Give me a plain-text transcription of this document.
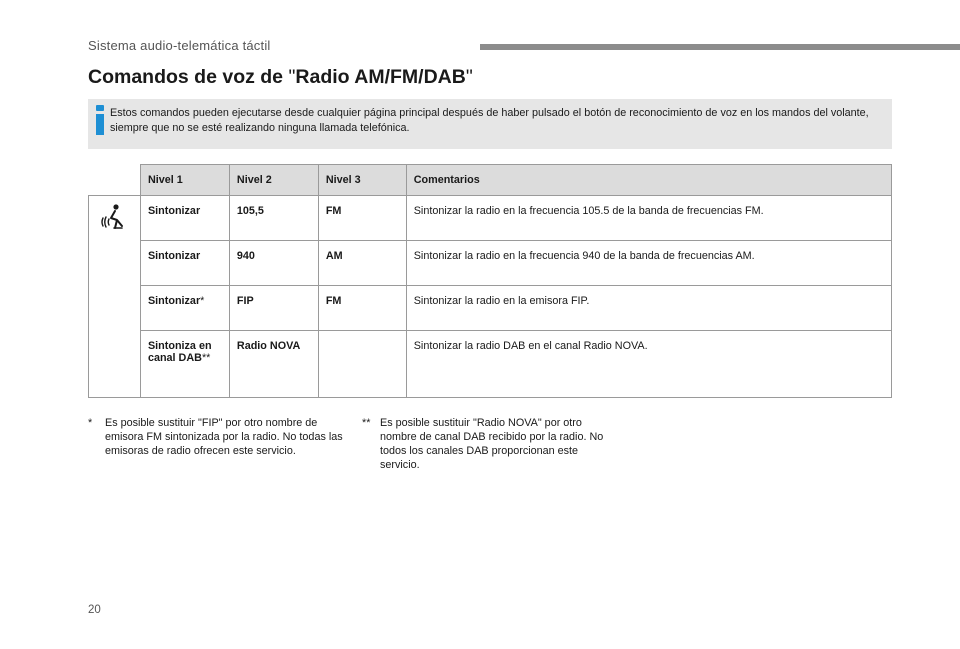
Sistema audio-telemática táctil
Comandos de voz de "Radio AM/FM/DAB"
Estos comandos pueden ejecutarse desde cualquier página principal después de haber pulsado el botón de reconocimiento de voz en los mandos del volante, siempre que no se esté realizando ninguna llamada telefónica.
	Nivel 1	Nivel 2	Nivel 3	Comentarios
	Sintonizar	105,5	FM	Sintonizar la radio en la frecuencia 105.5 de la banda de frecuencias FM.
	Sintonizar	940	AM	Sintonizar la radio en la frecuencia 940 de la banda de frecuencias AM.
	Sintonizar*	FIP	FM	Sintonizar la radio en la emisora FIP.
	Sintoniza en canal DAB**	Radio NOVA		Sintonizar la radio DAB en el canal Radio NOVA.
* Es posible sustituir "FIP" por otro nombre de emisora FM sintonizada por la radio. No todas las emisoras de radio ofrecen este servicio.
** Es posible sustituir "Radio NOVA" por otro nombre de canal DAB recibido por la radio. No todos los canales DAB proporcionan este servicio.
20
